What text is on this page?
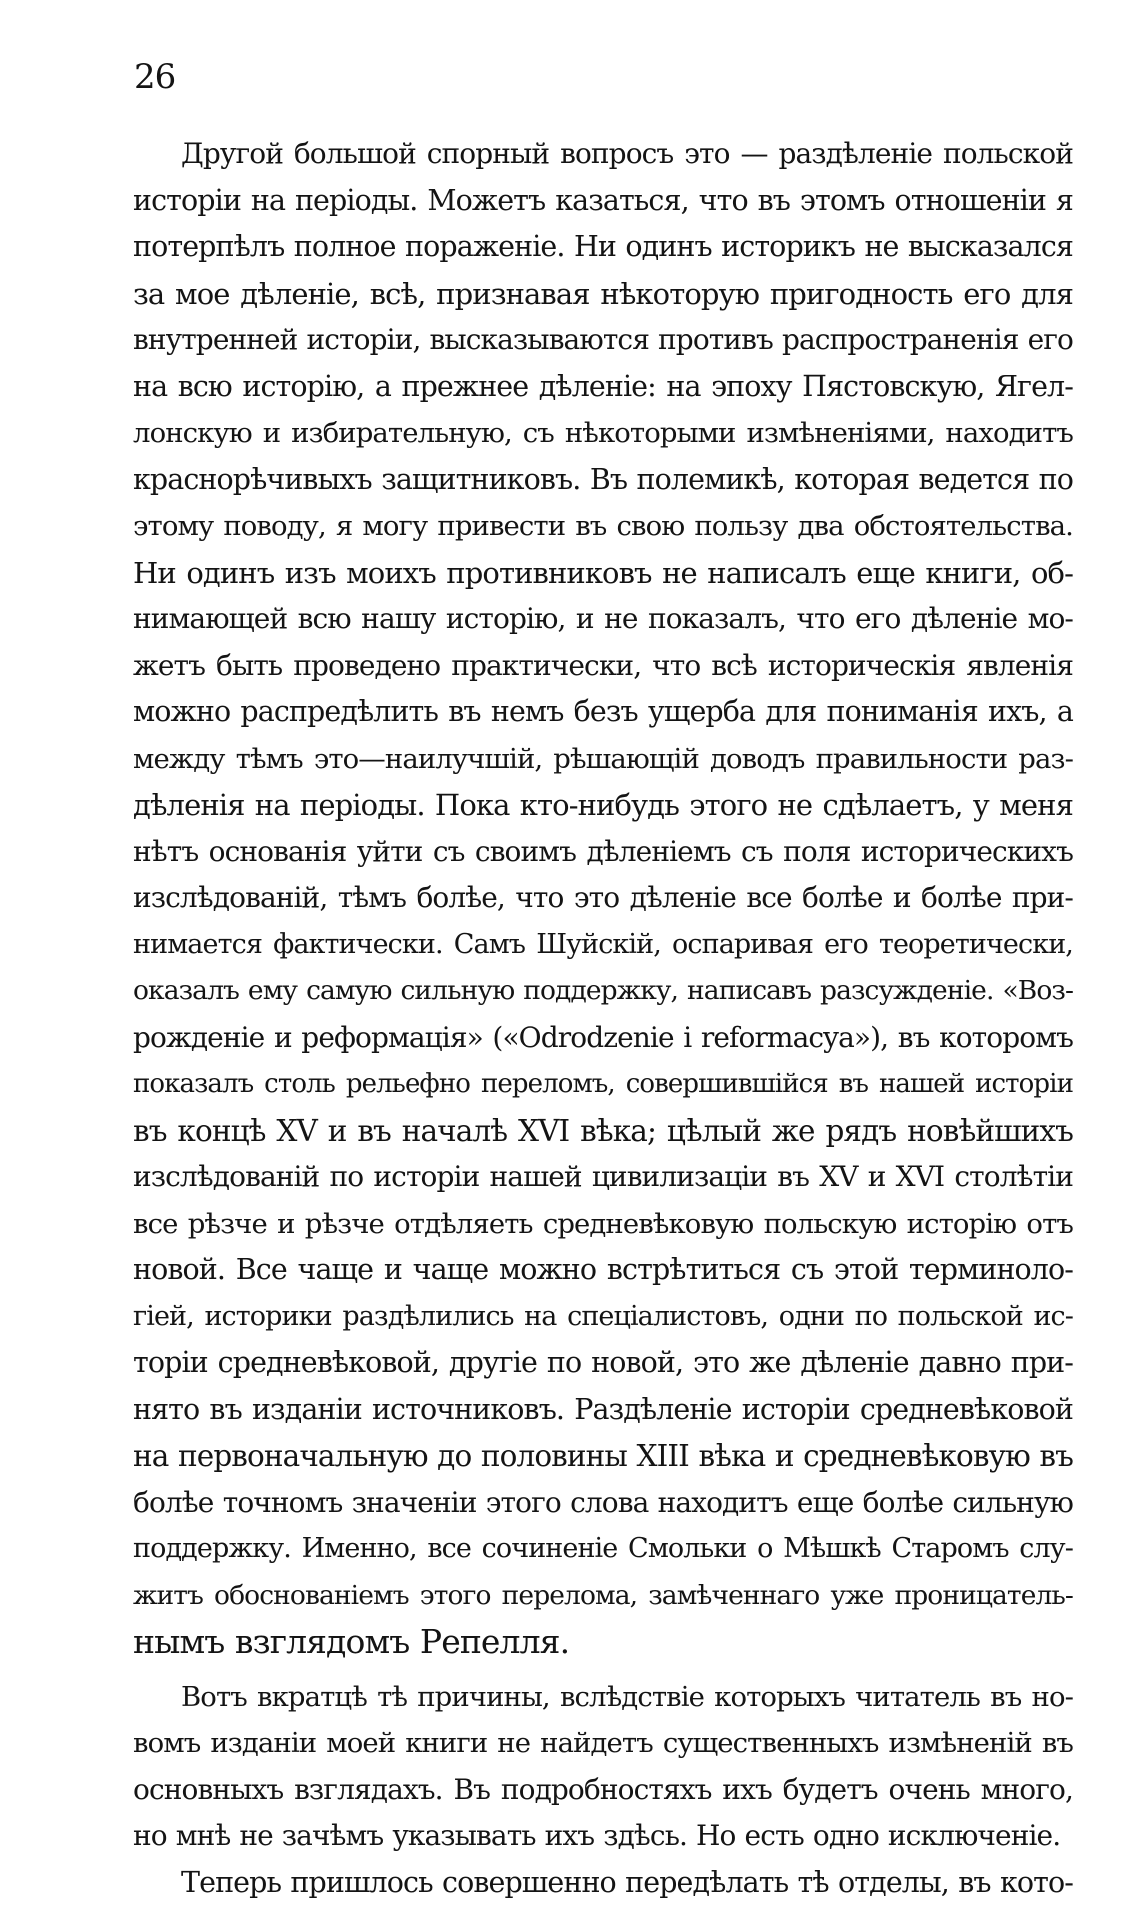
26
Другой большой спорный вопросъ это — раздѣленіе польской
исторіи на періоды. Можетъ казаться, что въ этомъ отношеніи я
потерпѣлъ полное пораженіе. Ни одинъ историкъ не высказался
за мое дѣленіе, всѣ, признавая нѣкоторую пригодность его для
внутренней исторіи, высказываются противъ распространенія его
на всю исторію, а прежнее дѣленіе: на эпоху Пястовскую, Ягел-
лонскую и избирательную, съ нѣкоторыми измѣненіями, находитъ
краснорѣчивыхъ защитниковъ. Въ полемикѣ, которая ведется по
этому поводу, я могу привести въ свою пользу два обстоятельства.
Ни одинъ изъ моихъ противниковъ не написалъ еще книги, об-
нимающей всю нашу исторію, и не показалъ, что его дѣленіе мо-
жетъ быть проведено практически, что всѣ историческія явленія
можно распредѣлить въ немъ безъ ущерба для пониманія ихъ, а
между тѣмъ это—наилучшій, рѣшающій доводъ правильности раз-
дѣленія на періоды. Пока кто-нибудь этого не сдѣлаетъ, у меня
нѣтъ основанія уйти съ своимъ дѣленіемъ съ поля историческихъ
изслѣдованій, тѣмъ болѣе, что это дѣленіе все болѣе и болѣе при-
нимается фактически. Самъ Шуйскій, оспаривая его теоретически,
оказалъ ему самую сильную поддержку, написавъ разсужденіе. «Воз-
рожденіе и реформація» («Odrodzenie i reformacya»), въ которомъ
показалъ столь рельефно переломъ, совершившійся въ нашей исторіи
въ концѣ XV и въ началѣ XVI вѣка; цѣлый же рядъ новѣйшихъ
изслѣдованій по исторіи нашей цивилизаціи въ XV и XVI столѣтіи
все рѣзче и рѣзче отдѣляеть средневѣковую польскую исторію отъ
новой. Все чаще и чаще можно встрѣтиться съ этой терминоло-
гіей, историки раздѣлились на спеціалистовъ, одни по польской ис-
торіи средневѣковой, другіе по новой, это же дѣленіе давно при-
нято въ изданіи источниковъ. Раздѣленіе исторіи средневѣковой
на первоначальную до половины XIII вѣка и средневѣковую въ
болѣе точномъ значеніи этого слова находитъ еще болѣе сильную
поддержку. Именно, все сочиненіе Смольки о Мѣшкѣ Старомъ слу-
житъ обоснованіемъ этого перелома, замѣченнаго уже проницатель-
нымъ взглядомъ Репелля.
Вотъ вкратцѣ тѣ причины, вслѣдствіе которыхъ читатель въ но-
вомъ изданіи моей книги не найдетъ существенныхъ измѣненій въ
основныхъ взглядахъ. Въ подробностяхъ ихъ будетъ очень много,
но мнѣ не зачѣмъ указывать ихъ здѣсь. Но есть одно исключеніе.
Теперь пришлось совершенно передѣлать тѣ отделы, въ кото-
